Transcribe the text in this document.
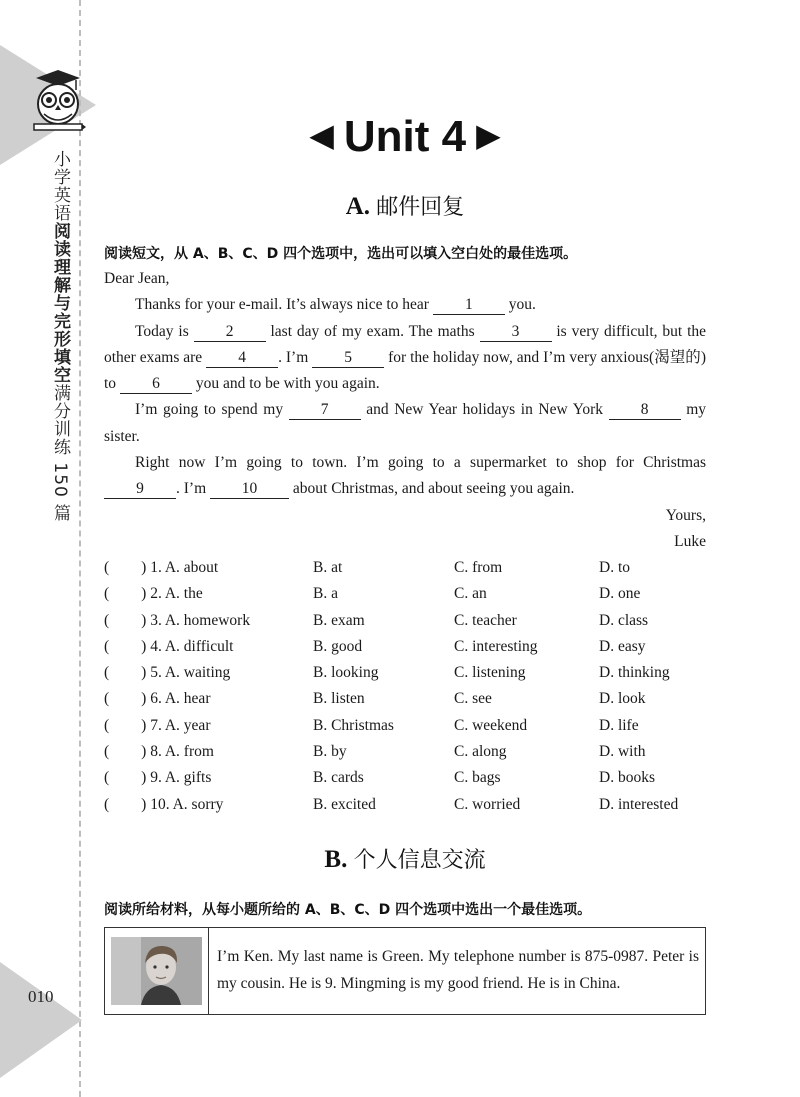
小学英语阅读理解与完形填空满分训练 150 篇
010
◀ Unit 4 ▶
A. 邮件回复
阅读短文，从 A、B、C、D 四个选项中，选出可以填入空白处的最佳选项。

Dear Jean,

Thanks for your e-mail. It’s always nice to hear 1 you.

Today is 2 last day of my exam. The maths 3 is very difficult, but the other exams are 4 . I’m 5 for the holiday now, and I’m very anxious(渴望的) to 6 you and to be with you again.

I’m going to spend my 7 and New Year holidays in New York 8 my sister.

Right now I’m going to town. I’m going to a supermarket to shop for Christmas 9 . I’m 10 about Christmas, and about seeing you again.

Yours,

Luke

( ) 1. A. about	B. at	C. from	D. to
( ) 2. A. the	B. a	C. an	D. one
( ) 3. A. homework	B. exam	C. teacher	D. class
( ) 4. A. difficult	B. good	C. interesting	D. easy
( ) 5. A. waiting	B. looking	C. listening	D. thinking
( ) 6. A. hear	B. listen	C. see	D. look
( ) 7. A. year	B. Christmas	C. weekend	D. life
( ) 8. A. from	B. by	C. along	D. with
( ) 9. A. gifts	B. cards	C. bags	D. books
( ) 10. A. sorry	B. excited	C. worried	D. interested
B. 个人信息交流
阅读所给材料，从每小题所给的 A、B、C、D 四个选项中选出一个最佳选项。
I’m Ken. My last name is Green. My telephone number is 875-0987. Peter is my cousin. He is 9. Mingming is my good friend. He is in China.
